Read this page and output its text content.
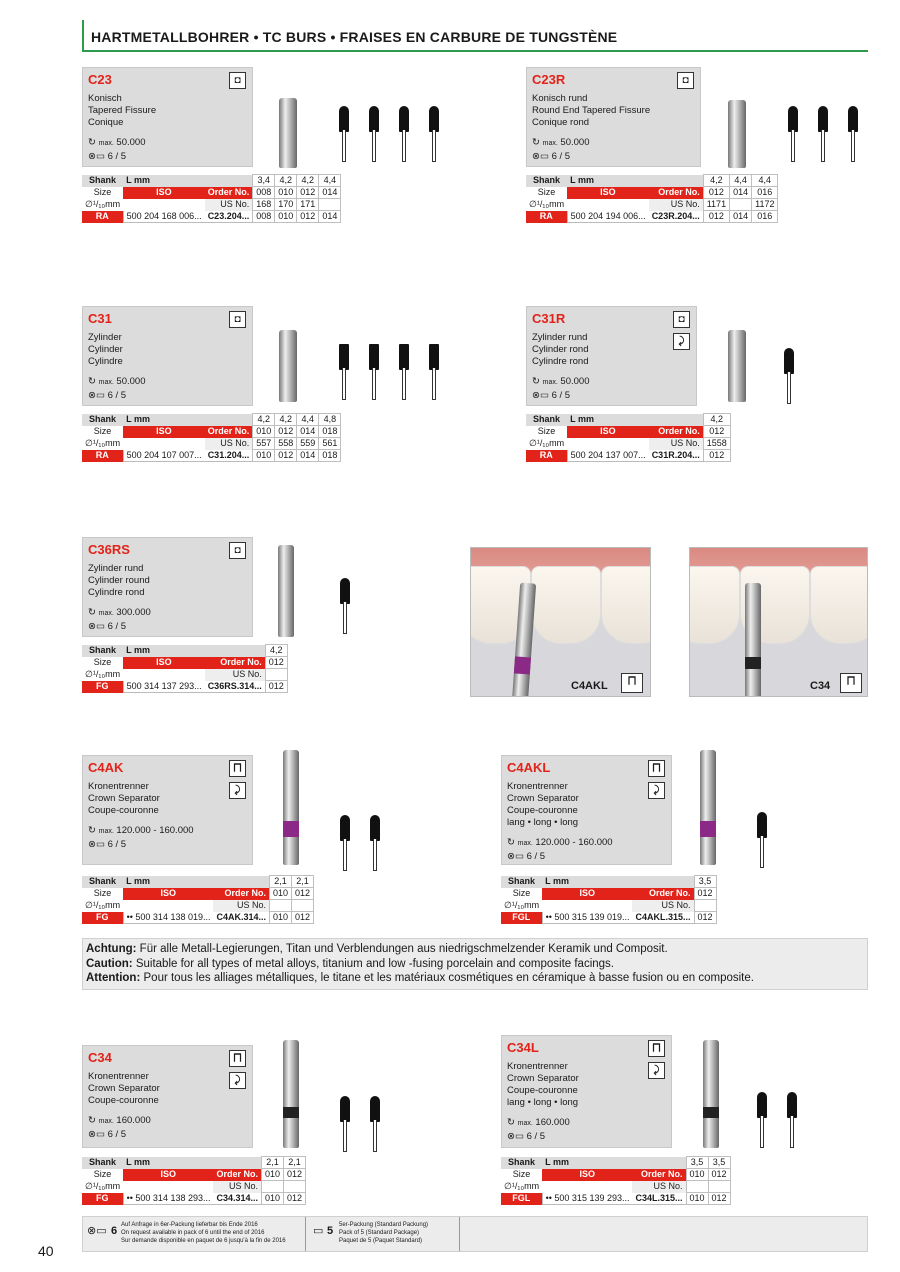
HARTMETALLBOHRER • TC BURS • FRAISES EN CARBURE DE TUNGSTÈNE
C23
Konisch
Tapered Fissure
Conique
↻ max. 50.000
⊗▭ 6 / 5
◘
Shank	L mm		3,4	4,2	4,2	4,4
Size	ISO	Order No.	008	010	012	014
∅¹/₁₀mm		US No.	168	170	171	
RA	500 204 168 006...	C23.204...	008	010	012	014
C23R
Konisch rund
Round End Tapered Fissure
Conique rond
↻ max. 50.000
⊗▭ 6 / 5
◘
Shank	L mm		4,2	4,4	4,4
Size	ISO	Order No.	012	014	016
∅¹/₁₀mm		US No.	1171		1172
RA	500 204 194 006...	C23R.204...	012	014	016
C31
Zylinder
Cylinder
Cylindre
↻ max. 50.000
⊗▭ 6 / 5
◘
Shank	L mm		4,2	4,2	4,4	4,8
Size	ISO	Order No.	010	012	014	018
∅¹/₁₀mm		US No.	557	558	559	561
RA	500 204 107 007...	C31.204...	010	012	014	018
C31R
Zylinder rund
Cylinder rond
Cylindre rond
↻ max. 50.000
⊗▭ 6 / 5
◘
⤸
Shank	L mm		4,2
Size	ISO	Order No.	012
∅¹/₁₀mm		US No.	1558
RA	500 204 137 007...	C31R.204...	012
C36RS
Zylinder rund
Cylinder round
Cylindre rond
↻ max. 300.000
⊗▭ 6 / 5
◘
Shank	L mm		4,2
Size	ISO	Order No.	012
∅¹/₁₀mm		US No.	
FG	500 314 137 293...	C36RS.314...	012
C4AK
Kronentrenner
Crown Separator
Coupe-couronne
↻ max. 120.000 - 160.000
⊗▭ 6 / 5
⨅
⤸
Shank	L mm		2,1	2,1
Size	ISO	Order No.	010	012
∅¹/₁₀mm		US No.		
FG	•• 500 314 138 019...	C4AK.314...	010	012
C4AKL
Kronentrenner
Crown Separator
Coupe-couronne
lang • long • long
↻ max. 120.000 - 160.000
⊗▭ 6 / 5
⨅
⤸
Shank	L mm		3,5
Size	ISO	Order No.	012
∅¹/₁₀mm		US No.	
FGL	•• 500 315 139 019...	C4AKL.315...	012
C34
Kronentrenner
Crown Separator
Coupe-couronne
↻ max. 160.000
⊗▭ 6 / 5
⨅
⤸
Shank	L mm		2,1	2,1
Size	ISO	Order No.	010	012
∅¹/₁₀mm		US No.		
FG	•• 500 314 138 293...	C34.314...	010	012
C34L
Kronentrenner
Crown Separator
Coupe-couronne
lang • long • long
↻ max. 160.000
⊗▭ 6 / 5
⨅
⤸
Shank	L mm		3,5	3,5
Size	ISO	Order No.	010	012
∅¹/₁₀mm		US No.		
FGL	•• 500 315 139 293...	C34L.315...	010	012
C4AKL	⨅	C34	⨅
Achtung: Für alle Metall-Legierungen, Titan und Verblendungen aus niedrigschmelzender Keramik und Composit.
Caution: Suitable for all types of metal alloys, titanium and low -fusing porcelain and composite facings.
Attention: Pour tous les alliages métalliques, le titane et les matériaux cosmétiques en céramique à basse fusion ou en composite.
⊗▭ 6 Auf Anfrage in 6er-Packung lieferbar bis Ende 2016
On request available in pack of 6 until the end of 2016
Sur demande disponible en paquet de 6 jusqu'à la fin de 2016
▭ 5 5er-Packung (Standard Packung)
Pack of 5 (Standard Package)
Paquet de 5 (Paquet Standard)
40
